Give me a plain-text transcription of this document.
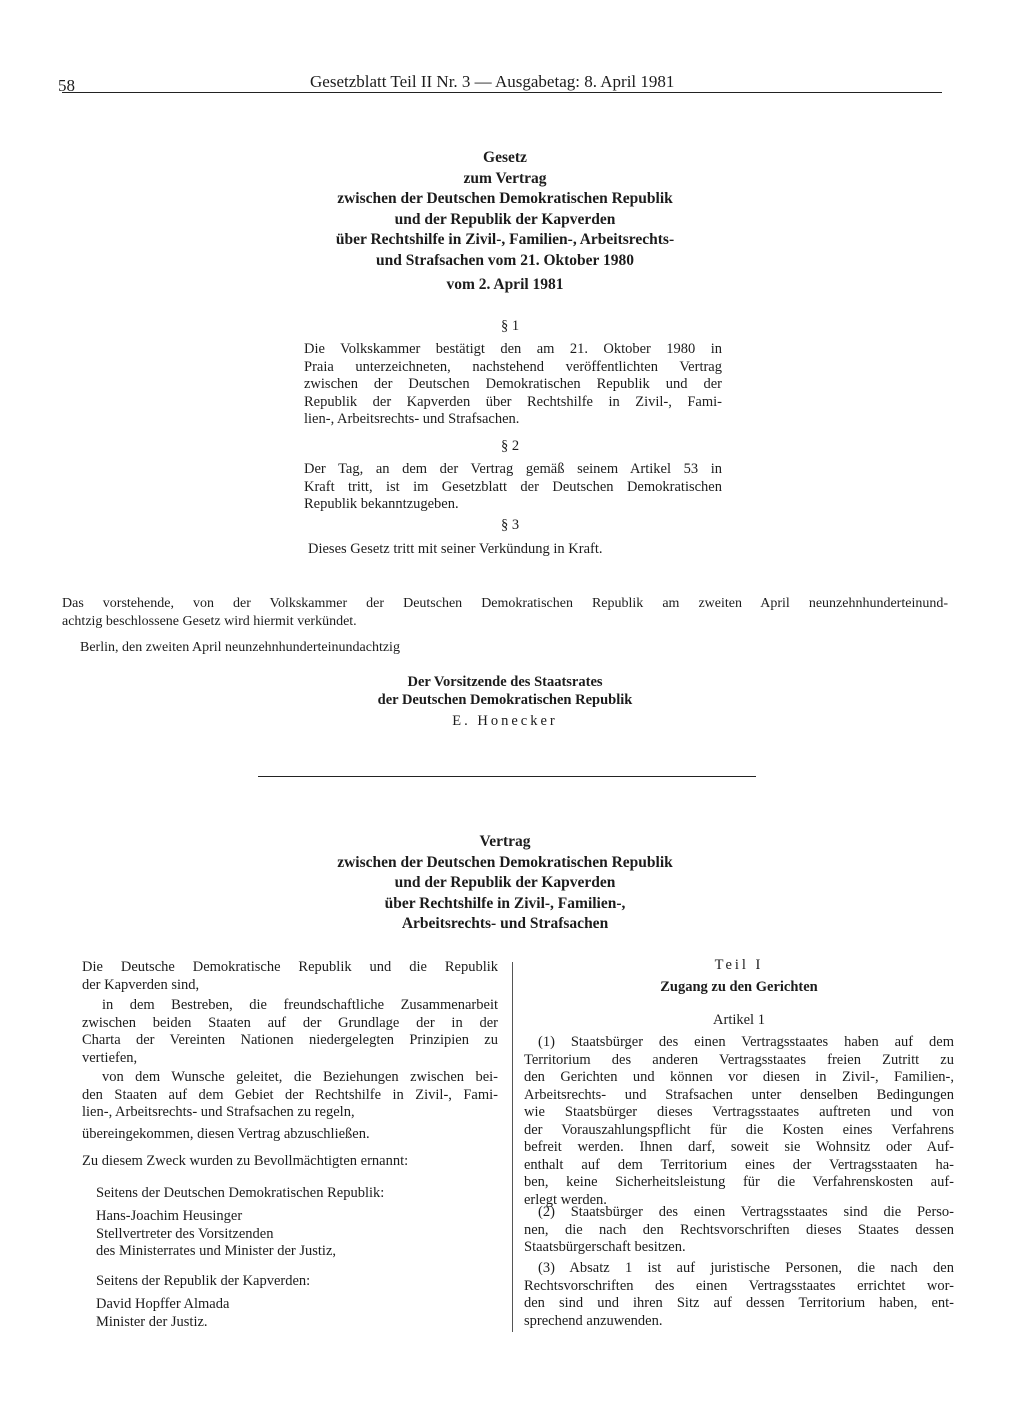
58	Gesetzblatt Teil II Nr. 3 — Ausgabetag: 8. April 1981
Gesetz
zum Vertrag
zwischen der Deutschen Demokratischen Republik
und der Republik der Kapverden
über Rechtshilfe in Zivil-, Familien-, Arbeitsrechts-
und Strafsachen vom 21. Oktober 1980
vom 2. April 1981
§ 1
Die Volkskammer bestätigt den am 21. Oktober 1980 in
Praia unterzeichneten, nachstehend veröffentlichten Vertrag
zwischen der Deutschen Demokratischen Republik und der
Republik der Kapverden über Rechtshilfe in Zivil-, Fami-
lien-, Arbeitsrechts- und Strafsachen.
§ 2
Der Tag, an dem der Vertrag gemäß seinem Artikel 53 in
Kraft tritt, ist im Gesetzblatt der Deutschen Demokratischen
Republik bekanntzugeben.
§ 3
Dieses Gesetz tritt mit seiner Verkündung in Kraft.
Das vorstehende, von der Volkskammer der Deutschen Demokratischen Republik am zweiten April neunzehnhunderteinund-
achtzig beschlossene Gesetz wird hiermit verkündet.
Berlin, den zweiten April neunzehnhunderteinundachtzig
Der Vorsitzende des Staatsrates
der Deutschen Demokratischen Republik
E. Honecker
Vertrag
zwischen der Deutschen Demokratischen Republik
und der Republik der Kapverden
über Rechtshilfe in Zivil-, Familien-,
Arbeitsrechts- und Strafsachen
Die Deutsche Demokratische Republik und die Republik
der Kapverden sind,
in dem Bestreben, die freundschaftliche Zusammenarbeit
zwischen beiden Staaten auf der Grundlage der in der
Charta der Vereinten Nationen niedergelegten Prinzipien zu
vertiefen,
von dem Wunsche geleitet, die Beziehungen zwischen bei-
den Staaten auf dem Gebiet der Rechtshilfe in Zivil-, Fami-
lien-, Arbeitsrechts- und Strafsachen zu regeln,
übereingekommen, diesen Vertrag abzuschließen.
Zu diesem Zweck wurden zu Bevollmächtigten ernannt:
Seitens der Deutschen Demokratischen Republik:
Hans-Joachim Heusinger
Stellvertreter des Vorsitzenden
des Ministerrates und Minister der Justiz,
Seitens der Republik der Kapverden:
David Hopffer Almada
Minister der Justiz.
Teil I
Zugang zu den Gerichten
Artikel 1
(1) Staatsbürger des einen Vertragsstaates haben auf dem
Territorium des anderen Vertragsstaates freien Zutritt zu
den Gerichten und können vor diesen in Zivil-, Familien-,
Arbeitsrechts- und Strafsachen unter denselben Bedingungen
wie Staatsbürger dieses Vertragsstaates auftreten und von
der Vorauszahlungspflicht für die Kosten eines Verfahrens
befreit werden. Ihnen darf, soweit sie Wohnsitz oder Auf-
enthalt auf dem Territorium eines der Vertragsstaaten ha-
ben, keine Sicherheitsleistung für die Verfahrenskosten auf-
erlegt werden.
(2) Staatsbürger des einen Vertragsstaates sind die Perso-
nen, die nach den Rechtsvorschriften dieses Staates dessen
Staatsbürgerschaft besitzen.
(3) Absatz 1 ist auf juristische Personen, die nach den
Rechtsvorschriften des einen Vertragsstaates errichtet wor-
den sind und ihren Sitz auf dessen Territorium haben, ent-
sprechend anzuwenden.
